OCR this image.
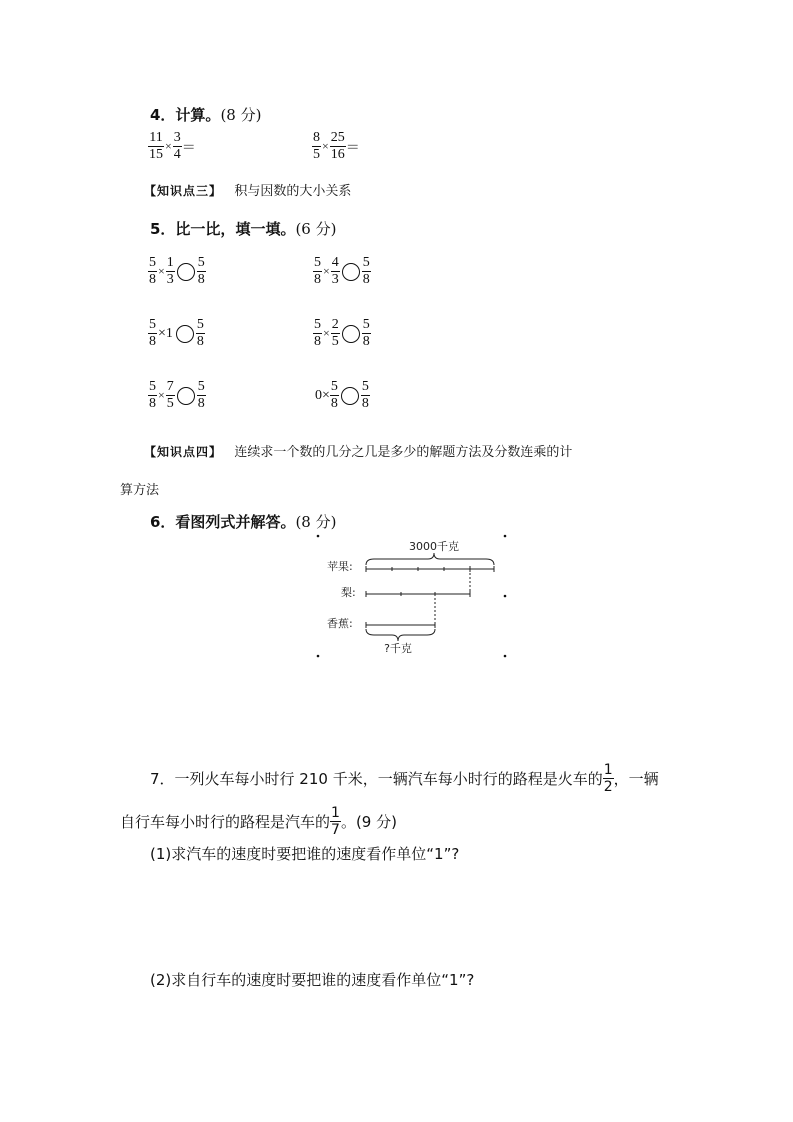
4．计算。(8 分)
$\frac{11}{15} \times \frac{3}{4}$ ＝	$\frac{8}{5} \times \frac{25}{16}$ ＝
【知识点三】 积与因数的大小关系
5．比一比，填一填。(6 分)
$\frac{5}{8} \times \frac{1}{3} \frac{5}{8}$	$\frac{5}{8} \times \frac{4}{3} \frac{5}{8}$
$\frac{5}{8} \times 1 \frac{5}{8}$	$\frac{5}{8} \times \frac{2}{5} \frac{5}{8}$
$\frac{5}{8} \times \frac{7}{5} \frac{5}{8}$	$0\times \frac{5}{8} \frac{5}{8}$
【知识点四】 连续求一个数的几分之几是多少的解题方法及分数连乘的计
算方法
6．看图列式并解答。(8 分)
3000千克
苹果:
梨:
香蕉:
?千克
7．一列火车每小时行 210 千米，一辆汽车每小时行的路程是火车的 $\frac{1}{2}$ ，一辆
自行车每小时行的路程是汽车的 $\frac{1}{7}$ 。(9 分)
(1)求汽车的速度时要把谁的速度看作单位“1”?
(2)求自行车的速度时要把谁的速度看作单位“1”?
